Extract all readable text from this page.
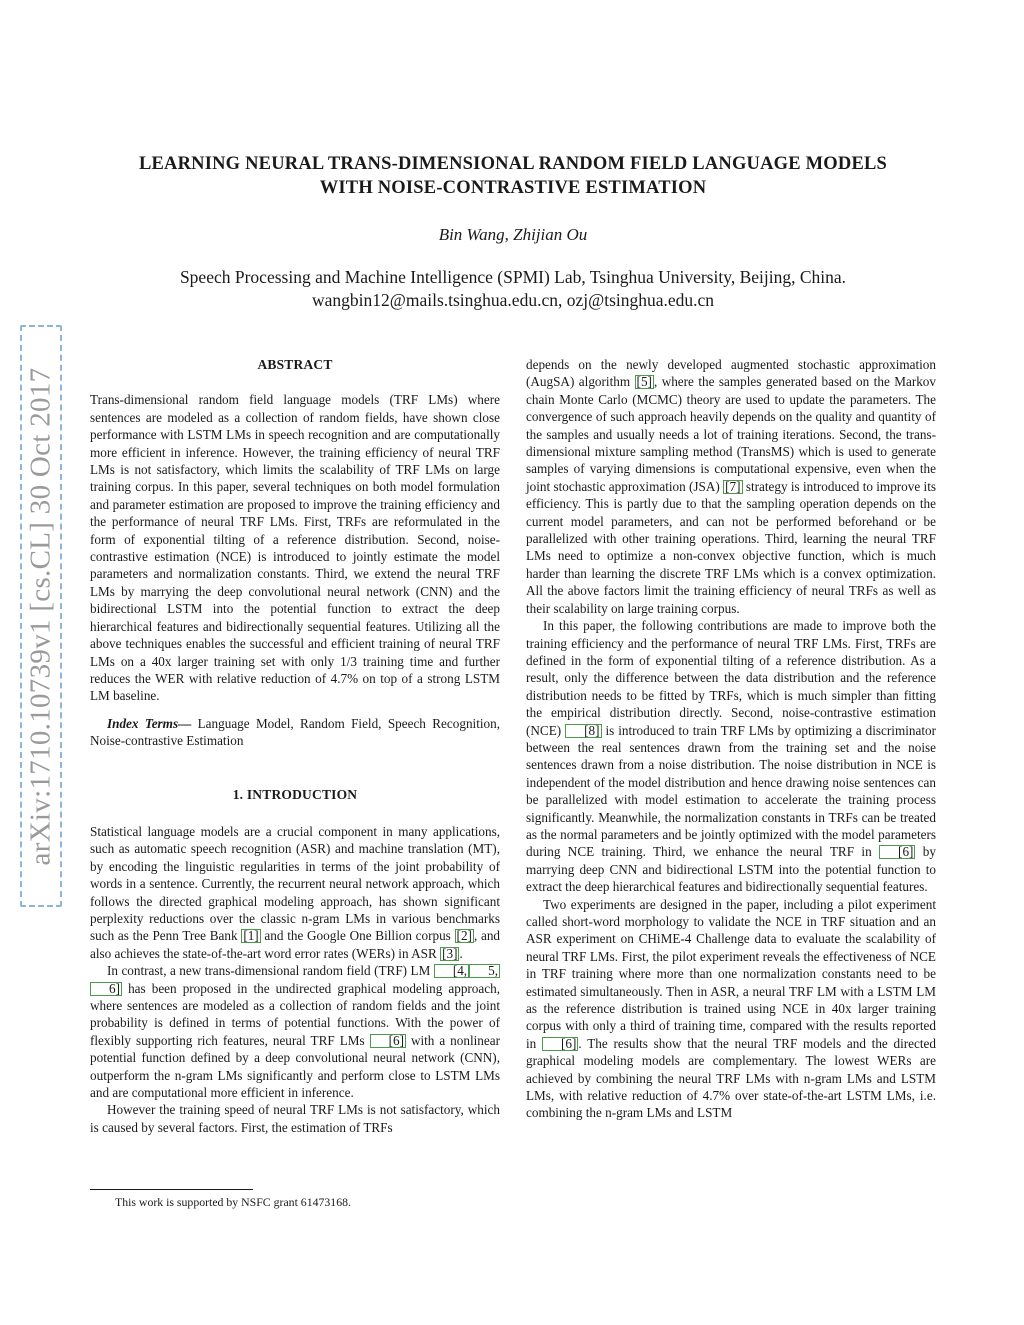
arXiv:1710.10739v1 [cs.CL] 30 Oct 2017
LEARNING NEURAL TRANS-DIMENSIONAL RANDOM FIELD LANGUAGE MODELS
WITH NOISE-CONTRASTIVE ESTIMATION
Bin Wang, Zhijian Ou
Speech Processing and Machine Intelligence (SPMI) Lab, Tsinghua University, Beijing, China.
wangbin12@mails.tsinghua.edu.cn, ozj@tsinghua.edu.cn
ABSTRACT

Trans-dimensional random field language models (TRF LMs) where sentences are modeled as a collection of random fields, have shown close performance with LSTM LMs in speech recognition and are computationally more efficient in inference. However, the training efficiency of neural TRF LMs is not satisfactory, which limits the scalability of TRF LMs on large training corpus. In this paper, several techniques on both model formulation and parameter estimation are proposed to improve the training efficiency and the performance of neural TRF LMs. First, TRFs are reformulated in the form of exponential tilting of a reference distribution. Second, noise-contrastive estimation (NCE) is introduced to jointly estimate the model parameters and normalization constants. Third, we extend the neural TRF LMs by marrying the deep convolutional neural network (CNN) and the bidirectional LSTM into the potential function to extract the deep hierarchical features and bidirectionally sequential features. Utilizing all the above techniques enables the successful and efficient training of neural TRF LMs on a 40x larger training set with only 1/3 training time and further reduces the WER with relative reduction of 4.7% on top of a strong LSTM LM baseline.

Index Terms— Language Model, Random Field, Speech Recognition, Noise-contrastive Estimation

1. INTRODUCTION

Statistical language models are a crucial component in many applications, such as automatic speech recognition (ASR) and machine translation (MT), by encoding the linguistic regularities in terms of the joint probability of words in a sentence. Currently, the recurrent neural network approach, which follows the directed graphical modeling approach, has shown significant perplexity reductions over the classic n-gram LMs in various benchmarks such as the Penn Tree Bank [1] and the Google One Billion corpus [2] , and also achieves the state-of-the-art word error rates (WERs) in ASR [3] .

In contrast, a new trans-dimensional random field (TRF) LM [4, 5,6] has been proposed in the undirected graphical modeling approach, where sentences are modeled as a collection of random fields and the joint probability is defined in terms of potential functions. With the power of flexibly supporting rich features, neural TRF LMs [6] with a nonlinear potential function defined by a deep convolutional neural network (CNN), outperform the n-gram LMs significantly and perform close to LSTM LMs and are computational more efficient in inference.

However the training speed of neural TRF LMs is not satisfactory, which is caused by several factors. First, the estimation of TRFs

depends on the newly developed augmented stochastic approximation (AugSA) algorithm [5] , where the samples generated based on the Markov chain Monte Carlo (MCMC) theory are used to update the parameters. The convergence of such approach heavily depends on the quality and quantity of the samples and usually needs a lot of training iterations. Second, the trans-dimensional mixture sampling method (TransMS) which is used to generate samples of varying dimensions is computational expensive, even when the joint stochastic approximation (JSA) [7] strategy is introduced to improve its efficiency. This is partly due to that the sampling operation depends on the current model parameters, and can not be performed beforehand or be parallelized with other training operations. Third, learning the neural TRF LMs need to optimize a non-convex objective function, which is much harder than learning the discrete TRF LMs which is a convex optimization. All the above factors limit the training efficiency of neural TRFs as well as their scalability on large training corpus.

In this paper, the following contributions are made to improve both the training efficiency and the performance of neural TRF LMs. First, TRFs are defined in the form of exponential tilting of a reference distribution. As a result, only the difference between the data distribution and the reference distribution needs to be fitted by TRFs, which is much simpler than fitting the empirical distribution directly. Second, noise-contrastive estimation (NCE) [8] is introduced to train TRF LMs by optimizing a discriminator between the real sentences drawn from the training set and the noise sentences drawn from a noise distribution. The noise distribution in NCE is independent of the model distribution and hence drawing noise sentences can be parallelized with model estimation to accelerate the training process significantly. Meanwhile, the normalization constants in TRFs can be treated as the normal parameters and be jointly optimized with the model parameters during NCE training. Third, we enhance the neural TRF in [6] by marrying deep CNN and bidirectional LSTM into the potential function to extract the deep hierarchical features and bidirectionally sequential features.

Two experiments are designed in the paper, including a pilot experiment called short-word morphology to validate the NCE in TRF situation and an ASR experiment on CHiME-4 Challenge data to evaluate the scalability of neural TRF LMs. First, the pilot experiment reveals the effectiveness of NCE in TRF training where more than one normalization constants need to be estimated simultaneously. Then in ASR, a neural TRF LM with a LSTM LM as the reference distribution is trained using NCE in 40x larger training corpus with only a third of training time, compared with the results reported in [6] . The results show that the neural TRF models and the directed graphical modeling models are complementary. The lowest WERs are achieved by combining the neural TRF LMs with n-gram LMs and LSTM LMs, with relative reduction of 4.7% over state-of-the-art LSTM LMs, i.e. combining the n-gram LMs and LSTM

This work is supported by NSFC grant 61473168.
